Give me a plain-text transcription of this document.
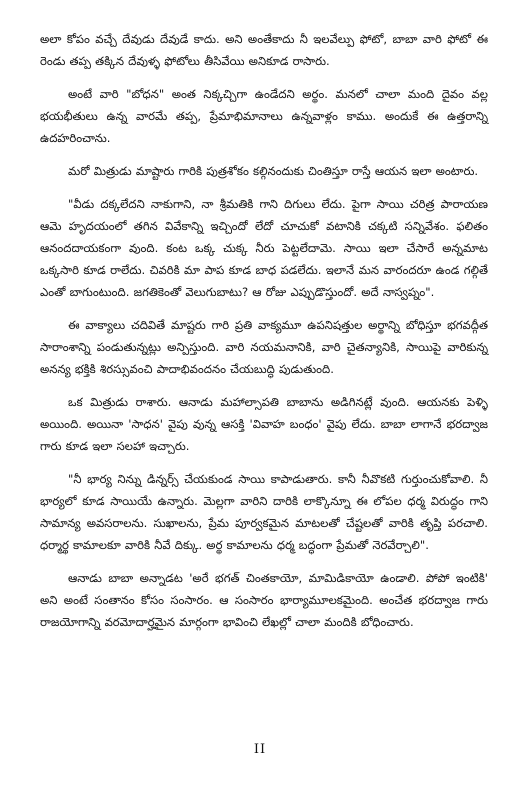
అలా కోపం వచ్చే దేవుడు దేవుడే కాదు. అని అంతేకాదు నీ ఇలవేల్పు ఫోటో, బాబా వారి ఫోటో ఈ రెండు తప్ప తక్కిన దేవుళ్ళ ఫోటోలు తీసివేయి అనికూడ రాసారు.

అంటే వారి "బోధన" అంత నిక్కచ్చిగా ఉండేదని అర్థం. మనలో చాలా మంది దైవం వల్ల భయభీతులు ఉన్న వారమే తప్ప, ప్రేమాభిమానాలు ఉన్నవాళ్లం కాము. అందుకే ఈ ఉత్తరాన్ని ఉదహరించాను.

మరో మిత్రుడు మాష్టారు గారికి పుత్రశోకం కల్గినందుకు చింతిస్తూ రాస్తే ఆయన ఇలా అంటారు.

"వీడు దక్కలేదని నాకుగాని, నా శ్రీమతికి గాని దిగులు లేదు. పైగా సాయి చరిత్ర పారాయణ ఆమె హృదయంలో తగిన వివేకాన్ని ఇచ్చిందో లేదో చూచుకో వటానికి చక్కటి సన్నివేశం. ఫలితం ఆనందదాయకంగా వుంది. కంట ఒక్క చుక్క నీరు పెట్టలేదామె. సాయి ఇలా చేసారే అన్నమాట ఒక్కసారి కూడ రాలేదు. చివరికి మా పాప కూడ బాధ పడలేదు. ఇలానే మన వారందరూ ఉండ గల్గితే ఎంతో బాగుంటుంది. జగతికెంతో వెలుగుబాటు? ఆ రోజు ఎప్పుడొస్తుందో. అదే నాస్వప్నం".

ఈ వాక్యాలు చదివితే మాష్టరు గారి ప్రతి వాక్యమూ ఉపనిషత్తుల అర్థాన్ని బోధిస్తూ భగవద్గీత సారాంశాన్ని పండుతున్నట్లు అన్పిస్తుంది. వారి నయమనానికి, వారి చైతన్యానికి, సాయిపై వారికున్న అనన్య భక్తికి శిరస్సువంచి పాదాభివందనం చేయబుద్ధి పుడుతుంది.

ఒక మిత్రుడు రాశారు. ఆనాడు మహాల్సాపతి బాబాను అడిగినట్లే వుంది. ఆయనకు పెళ్ళి అయింది. అయినా 'సాధన' వైపు వున్న ఆసక్తి 'వివాహ బంధం' వైపు లేదు. బాబా లాగానే భరద్వాజ గారు కూడ ఇలా సలహా ఇచ్చారు.

"నీ భార్య నిన్ను డిన్నర్స్ చేయకుండ సాయి కాపాడుతారు. కానీ నీవొకటి గుర్తుంచుకోవాలి. నీ భార్యలో కూడ సాయియే ఉన్నారు. మెల్లగా వారిని దారికి లాక్కొన్నూ ఈ లోపల ధర్మ విరుద్ధం గాని సామాన్య అవసరాలను. సుఖాలను, ప్రేమ పూర్వకమైన మాటలతో చేష్టలతో వారికి తృప్తి పరచాలి. ధర్మార్థ కామాలకూ వారికి నీవే దిక్కు. అర్థ కామాలను ధర్మ బద్ధంగా ప్రేమతో నెరవేర్చాలి".

ఆనాడు బాబా అన్నాడట 'అరే భగత్ చింతకాయో, మామిడికాయో ఉండాలి. పోపో ఇంటికి' అని అంటే సంతానం కోసం సంసారం. ఆ సంసారం భార్యామూలకమైంది. అంచేత భరద్వాజ గారు రాజయోగాన్ని వరమోదార్హమైన మార్గంగా భావించి లేఖల్లో చాలా మందికి బోధించారు.

II
